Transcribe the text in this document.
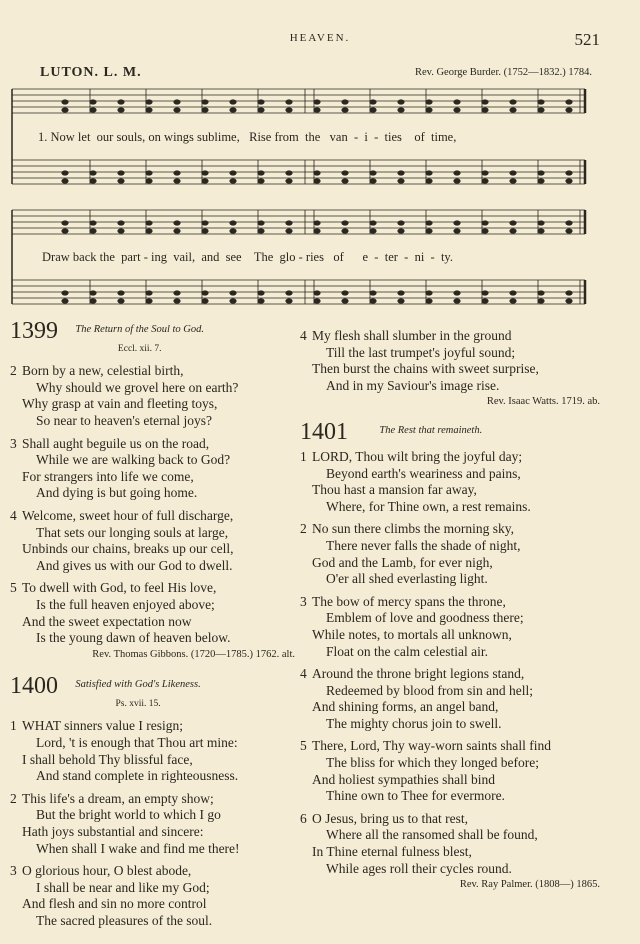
HEAVEN.	521
LUTON. L. M.	Rev. George Burder. (1752—1832.) 1784.
1. Now let  our souls, on wings sublime,   Rise from  the   van  -  i  -  ties    of  time,
Draw back the  part - ing  vail,  and  see    The  glo - ries   of      e  -  ter  -  ni  -  ty.
1399 The Return of the Soul to God.
Eccl. xii. 7.
2 Born by a new, celestial birth,
Why should we grovel here on earth?
Why grasp at vain and fleeting toys,
So near to heaven's eternal joys?
3 Shall aught beguile us on the road,
While we are walking back to God?
For strangers into life we come,
And dying is but going home.
4 Welcome, sweet hour of full discharge,
That sets our longing souls at large,
Unbinds our chains, breaks up our cell,
And gives us with our God to dwell.
5 To dwell with God, to feel His love,
Is the full heaven enjoyed above;
And the sweet expectation now
Is the young dawn of heaven below.
Rev. Thomas Gibbons. (1720—1785.) 1762. alt.
1400 Satisfied with God's Likeness.
Ps. xvii. 15.
1 WHAT sinners value I resign;
Lord, 't is enough that Thou art mine:
I shall behold Thy blissful face,
And stand complete in righteousness.
2 This life's a dream, an empty show;
But the bright world to which I go
Hath joys substantial and sincere:
When shall I wake and find me there!
3 O glorious hour, O blest abode,
I shall be near and like my God;
And flesh and sin no more control
The sacred pleasures of the soul.
4 My flesh shall slumber in the ground
Till the last trumpet's joyful sound;
Then burst the chains with sweet surprise,
And in my Saviour's image rise.
Rev. Isaac Watts. 1719. ab.
1401	The Rest that remaineth.
1 LORD, Thou wilt bring the joyful day;
Beyond earth's weariness and pains,
Thou hast a mansion far away,
Where, for Thine own, a rest remains.
2 No sun there climbs the morning sky,
There never falls the shade of night,
God and the Lamb, for ever nigh,
O'er all shed everlasting light.
3 The bow of mercy spans the throne,
Emblem of love and goodness there;
While notes, to mortals all unknown,
Float on the calm celestial air.
4 Around the throne bright legions stand,
Redeemed by blood from sin and hell;
And shining forms, an angel band,
The mighty chorus join to swell.
5 There, Lord, Thy way-worn saints shall find
The bliss for which they longed before;
And holiest sympathies shall bind
Thine own to Thee for evermore.
6 O Jesus, bring us to that rest,
Where all the ransomed shall be found,
In Thine eternal fulness blest,
While ages roll their cycles round.
Rev. Ray Palmer. (1808—) 1865.
